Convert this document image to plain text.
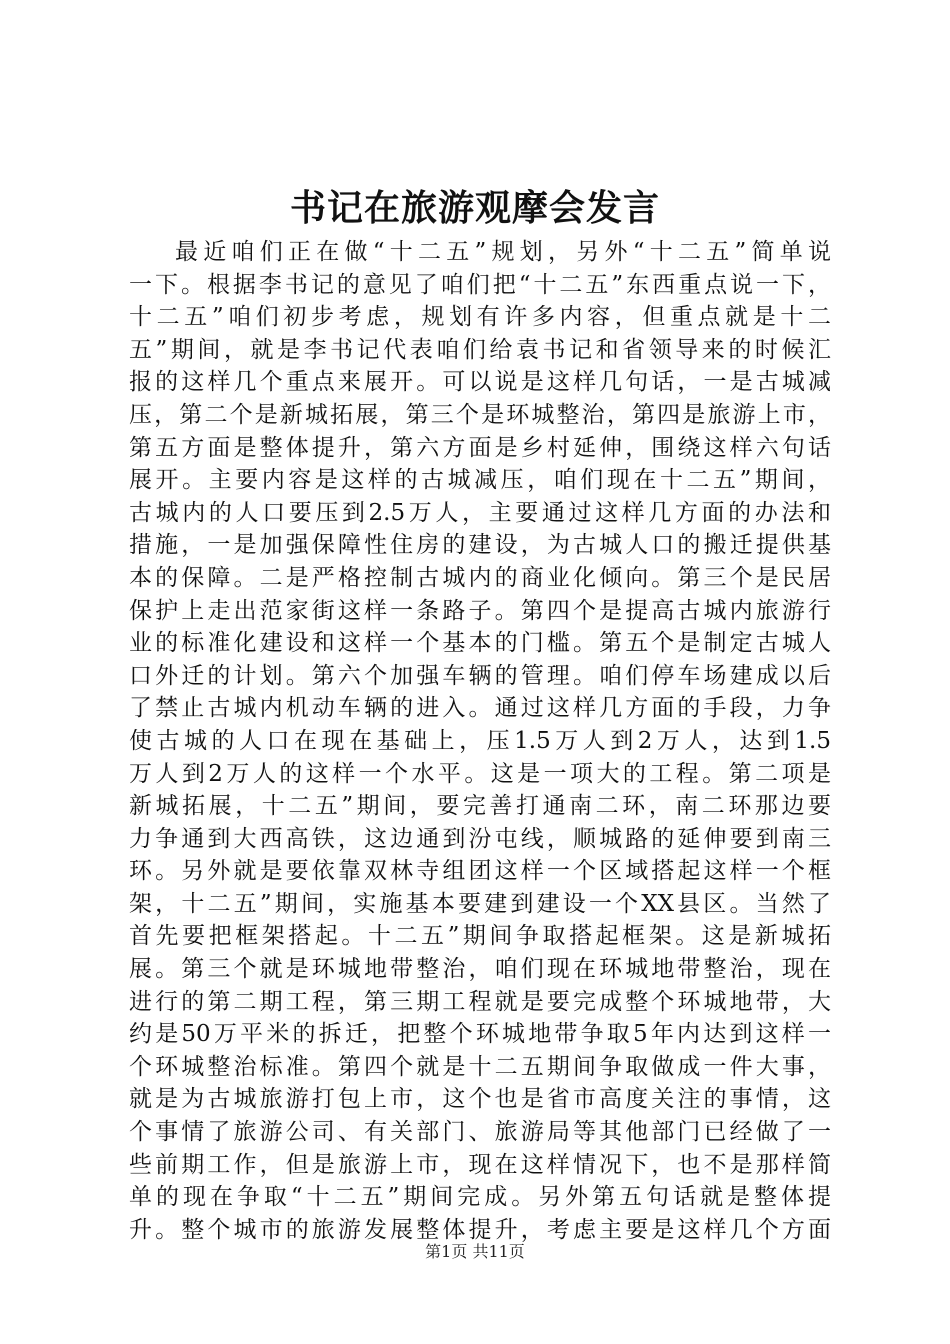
书记在旅游观摩会发言
最近咱们正在做“十二五”规划，另外“十二五”简单说
一下。根据李书记的意见了咱们把“十二五”东西重点说一下，
十二五”咱们初步考虑，规划有许多内容，但重点就是十二
五”期间，就是李书记代表咱们给袁书记和省领导来的时候汇
报的这样几个重点来展开。可以说是这样几句话，一是古城减
压，第二个是新城拓展，第三个是环城整治，第四是旅游上市，
第五方面是整体提升，第六方面是乡村延伸，围绕这样六句话
展开。主要内容是这样的古城减压，咱们现在十二五”期间，
古城内的人口要压到2.5万人，主要通过这样几方面的办法和
措施，一是加强保障性住房的建设，为古城人口的搬迁提供基
本的保障。二是严格控制古城内的商业化倾向。第三个是民居
保护上走出范家街这样一条路子。第四个是提高古城内旅游行
业的标准化建设和这样一个基本的门槛。第五个是制定古城人
口外迁的计划。第六个加强车辆的管理。咱们停车场建成以后
了禁止古城内机动车辆的进入。通过这样几方面的手段，力争
使古城的人口在现在基础上，压1.5万人到2万人，达到1.5
万人到2万人的这样一个水平。这是一项大的工程。第二项是
新城拓展，十二五”期间，要完善打通南二环，南二环那边要
力争通到大西高铁，这边通到汾屯线，顺城路的延伸要到南三
环。另外就是要依靠双林寺组团这样一个区域搭起这样一个框
架，十二五”期间，实施基本要建到建设一个XX县区。当然了
首先要把框架搭起。十二五”期间争取搭起框架。这是新城拓
展。第三个就是环城地带整治，咱们现在环城地带整治，现在
进行的第二期工程，第三期工程就是要完成整个环城地带，大
约是50万平米的拆迁，把整个环城地带争取5年内达到这样一
个环城整治标准。第四个就是十二五期间争取做成一件大事，
就是为古城旅游打包上市，这个也是省市高度关注的事情，这
个事情了旅游公司、有关部门、旅游局等其他部门已经做了一
些前期工作，但是旅游上市，现在这样情况下，也不是那样简
单的现在争取“十二五”期间完成。另外第五句话就是整体提
升。整个城市的旅游发展整体提升，考虑主要是这样几个方面
第1页 共11页
